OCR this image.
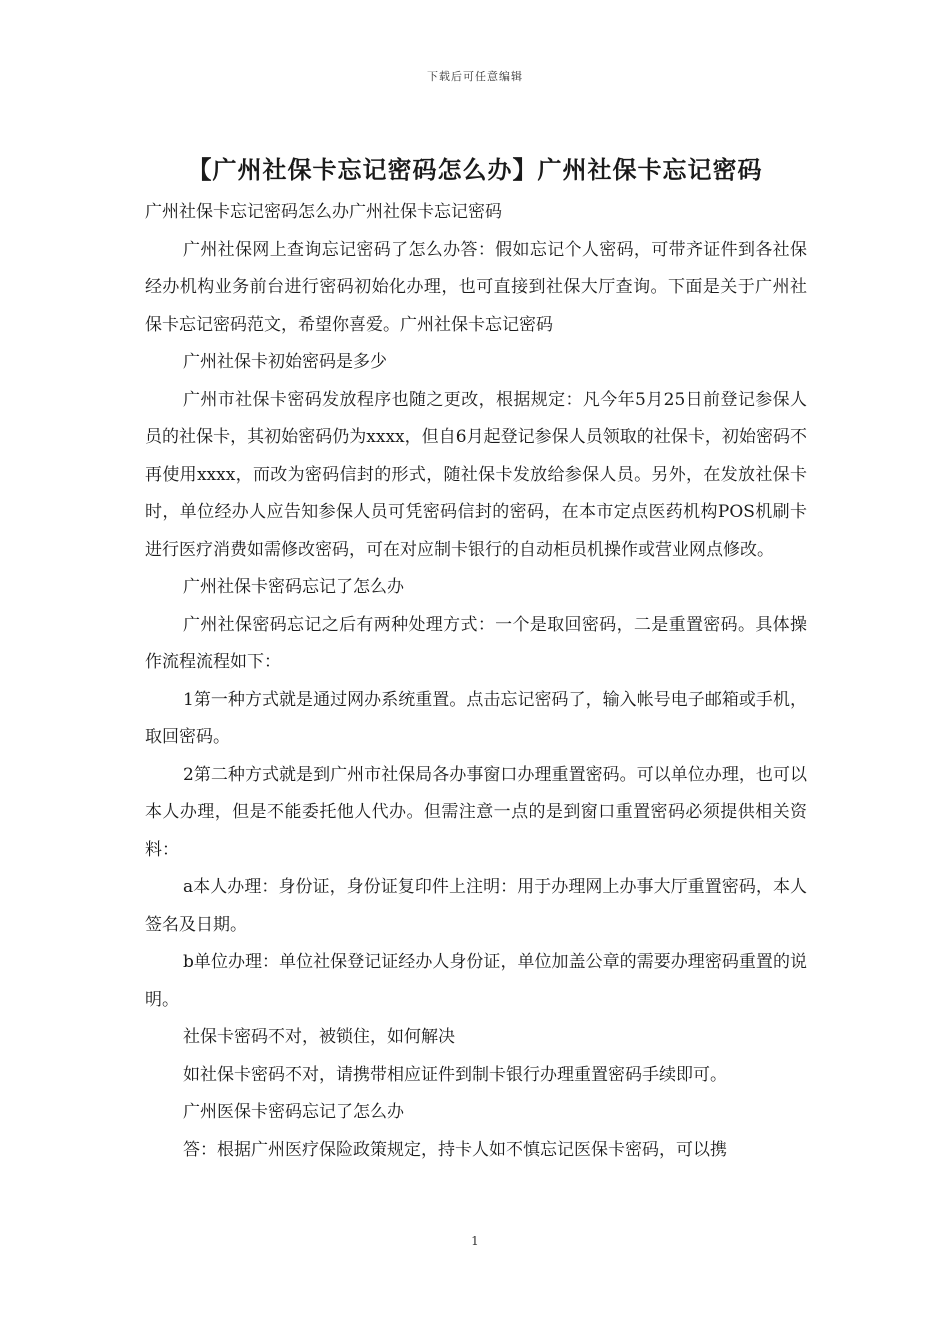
下载后可任意编辑
【广州社保卡忘记密码怎么办】广州社保卡忘记密码

广州社保卡忘记密码怎么办广州社保卡忘记密码

广州社保网上查询忘记密码了怎么办答：假如忘记个人密码，可带齐证件到各社保经办机构业务前台进行密码初始化办理，也可直接到社保大厅查询。下面是关于广州社保卡忘记密码范文，希望你喜爱。广州社保卡忘记密码

广州社保卡初始密码是多少

广州市社保卡密码发放程序也随之更改，根据规定：凡今年5月25日前登记参保人员的社保卡，其初始密码仍为xxxx，但自6月起登记参保人员领取的社保卡，初始密码不再使用xxxx，而改为密码信封的形式，随社保卡发放给参保人员。另外，在发放社保卡时，单位经办人应告知参保人员可凭密码信封的密码，在本市定点医药机构POS机刷卡进行医疗消费如需修改密码，可在对应制卡银行的自动柜员机操作或营业网点修改。

广州社保卡密码忘记了怎么办

广州社保密码忘记之后有两种处理方式：一个是取回密码，二是重置密码。具体操作流程流程如下：

1第一种方式就是通过网办系统重置。点击忘记密码了，输入帐号电子邮箱或手机，取回密码。

2第二种方式就是到广州市社保局各办事窗口办理重置密码。可以单位办理，也可以本人办理，但是不能委托他人代办。但需注意一点的是到窗口重置密码必须提供相关资料：

a本人办理：身份证，身份证复印件上注明：用于办理网上办事大厅重置密码，本人签名及日期。

b单位办理：单位社保登记证经办人身份证，单位加盖公章的需要办理密码重置的说明。

社保卡密码不对，被锁住，如何解决

如社保卡密码不对，请携带相应证件到制卡银行办理重置密码手续即可。

广州医保卡密码忘记了怎么办

答：根据广州医疗保险政策规定，持卡人如不慎忘记医保卡密码，可以携

1
